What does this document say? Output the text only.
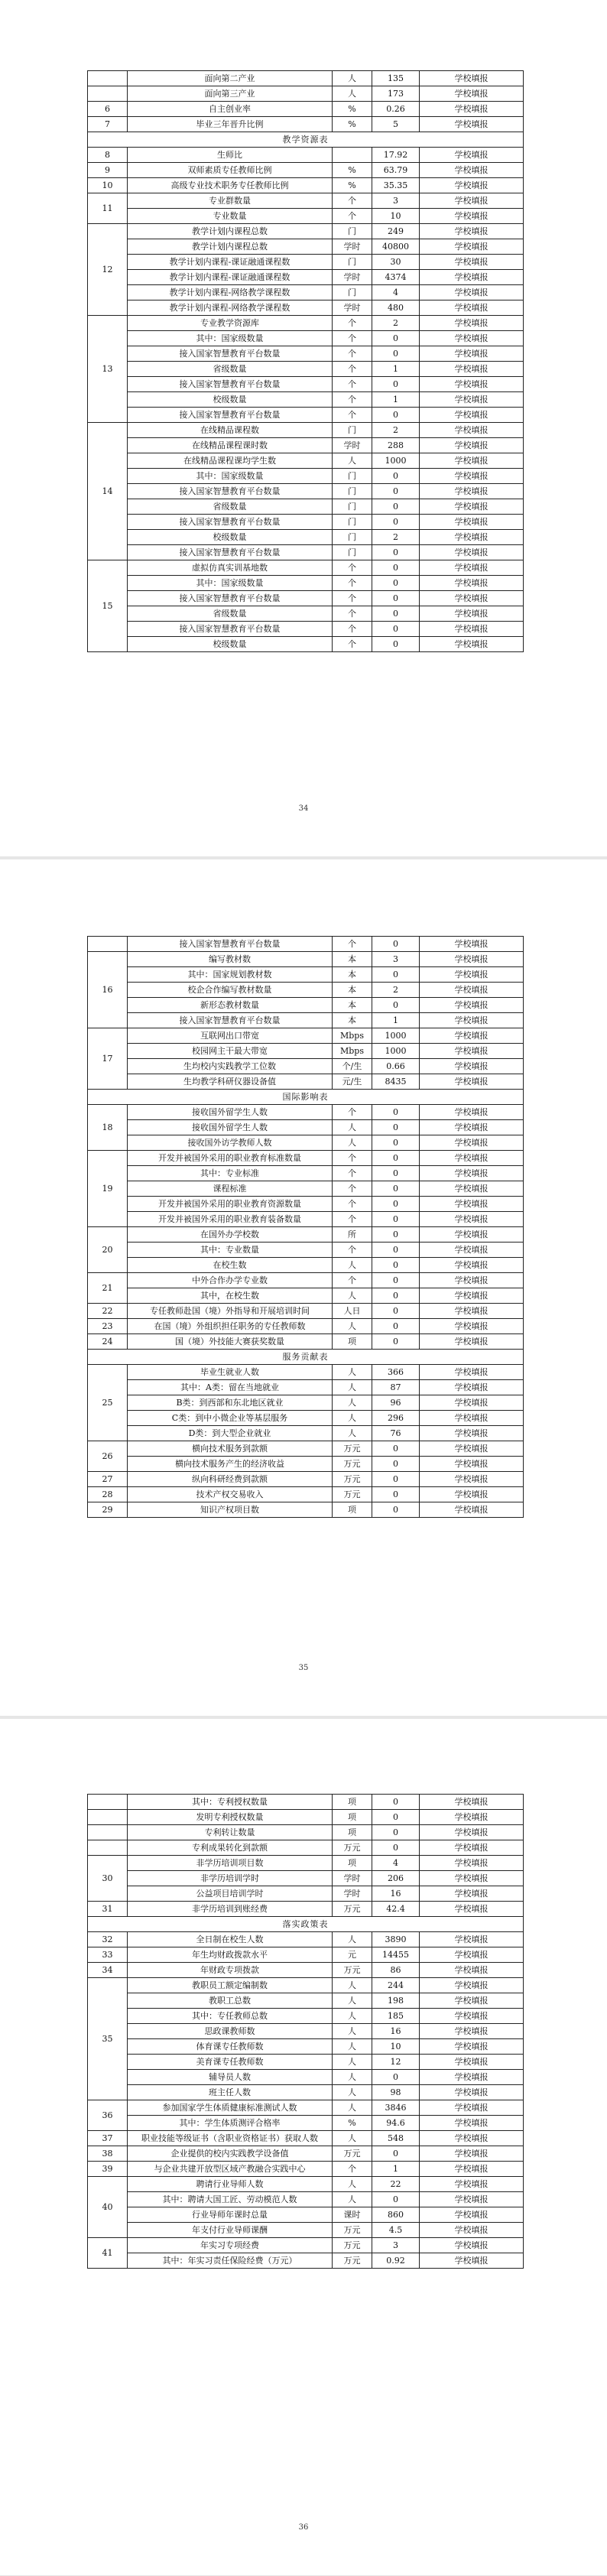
	面向第二产业	人	135	学校填报
	面向第三产业	人	173	学校填报
6	自主创业率	%	0.26	学校填报
7	毕业三年晋升比例	%	5	学校填报
教学资源表				
8	生师比		17.92	学校填报
9	双师素质专任教师比例	%	63.79	学校填报
10	高级专业技术职务专任教师比例	%	35.35	学校填报
11	专业群数量	个	3	学校填报
	专业数量	个	10	学校填报
12	教学计划内课程总数	门	249	学校填报
	教学计划内课程总数	学时	40800	学校填报
	教学计划内课程-课证融通课程数	门	30	学校填报
	教学计划内课程-课证融通课程数	学时	4374	学校填报
	教学计划内课程-网络教学课程数	门	4	学校填报
	教学计划内课程-网络教学课程数	学时	480	学校填报
13	专业教学资源库	个	2	学校填报
	其中：国家级数量	个	0	学校填报
	接入国家智慧教育平台数量	个	0	学校填报
	省级数量	个	1	学校填报
	接入国家智慧教育平台数量	个	0	学校填报
	校级数量	个	1	学校填报
	接入国家智慧教育平台数量	个	0	学校填报
14	在线精品课程数	门	2	学校填报
	在线精品课程课时数	学时	288	学校填报
	在线精品课程课均学生数	人	1000	学校填报
	其中：国家级数量	门	0	学校填报
	接入国家智慧教育平台数量	门	0	学校填报
	省级数量	门	0	学校填报
	接入国家智慧教育平台数量	门	0	学校填报
	校级数量	门	2	学校填报
	接入国家智慧教育平台数量	门	0	学校填报
15	虚拟仿真实训基地数	个	0	学校填报
	其中：国家级数量	个	0	学校填报
	接入国家智慧教育平台数量	个	0	学校填报
	省级数量	个	0	学校填报
	接入国家智慧教育平台数量	个	0	学校填报
	校级数量	个	0	学校填报
34
	接入国家智慧教育平台数量	个	0	学校填报
16	编写教材数	本	3	学校填报
	其中：国家规划教材数	本	0	学校填报
	校企合作编写教材数量	本	2	学校填报
	新形态教材数量	本	0	学校填报
	接入国家智慧教育平台数量	本	1	学校填报
17	互联网出口带宽	Mbps	1000	学校填报
	校园网主干最大带宽	Mbps	1000	学校填报
	生均校内实践教学工位数	个/生	0.66	学校填报
	生均教学科研仪器设备值	元/生	8435	学校填报
国际影响表				
18	接收国外留学生人数	个	0	学校填报
	接收国外留学生人数	人	0	学校填报
	接收国外访学教师人数	人	0	学校填报
19	开发并被国外采用的职业教育标准数量	个	0	学校填报
	其中：专业标准	个	0	学校填报
	课程标准	个	0	学校填报
	开发并被国外采用的职业教育资源数量	个	0	学校填报
	开发并被国外采用的职业教育装备数量	个	0	学校填报
20	在国外办学校数	所	0	学校填报
	其中：专业数量	个	0	学校填报
	在校生数	人	0	学校填报
21	中外合作办学专业数	个	0	学校填报
	其中，在校生数	人	0	学校填报
22	专任教师赴国（境）外指导和开展培训时间	人日	0	学校填报
23	在国（境）外组织担任职务的专任教师数	人	0	学校填报
24	国（境）外技能大赛获奖数量	项	0	学校填报
服务贡献表				
25	毕业生就业人数	人	366	学校填报
	其中：A类：留在当地就业	人	87	学校填报
	B类：到西部和东北地区就业	人	96	学校填报
	C类：到中小微企业等基层服务	人	296	学校填报
	D类：到大型企业就业	人	76	学校填报
26	横向技术服务到款额	万元	0	学校填报
	横向技术服务产生的经济收益	万元	0	学校填报
27	纵向科研经费到款额	万元	0	学校填报
28	技术产权交易收入	万元	0	学校填报
29	知识产权项目数	项	0	学校填报
35
	其中：专利授权数量	项	0	学校填报
	发明专利授权数量	项	0	学校填报
	专利转让数量	项	0	学校填报
	专利成果转化到款额	万元	0	学校填报
30	非学历培训项目数	项	4	学校填报
	非学历培训学时	学时	206	学校填报
	公益项目培训学时	学时	16	学校填报
31	非学历培训到账经费	万元	42.4	学校填报
落实政策表				
32	全日制在校生人数	人	3890	学校填报
33	年生均财政拨款水平	元	14455	学校填报
34	年财政专项拨款	万元	86	学校填报
35	教职员工额定编制数	人	244	学校填报
	教职工总数	人	198	学校填报
	其中：专任教师总数	人	185	学校填报
	思政课教师数	人	16	学校填报
	体育课专任教师数	人	10	学校填报
	美育课专任教师数	人	12	学校填报
	辅导员人数	人	0	学校填报
	班主任人数	人	98	学校填报
36	参加国家学生体质健康标准测试人数	人	3846	学校填报
	其中：学生体质测评合格率	%	94.6	学校填报
37	职业技能等级证书（含职业资格证书）获取人数	人	548	学校填报
38	企业提供的校内实践教学设备值	万元	0	学校填报
39	与企业共建开放型区域产教融合实践中心	个	1	学校填报
40	聘请行业导师人数	人	22	学校填报
	其中：聘请大国工匠、劳动模范人数	人	0	学校填报
	行业导师年课时总量	课时	860	学校填报
	年支付行业导师课酬	万元	4.5	学校填报
41	年实习专项经费	万元	3	学校填报
	其中：年实习责任保险经费（万元）	万元	0.92	学校填报
36
